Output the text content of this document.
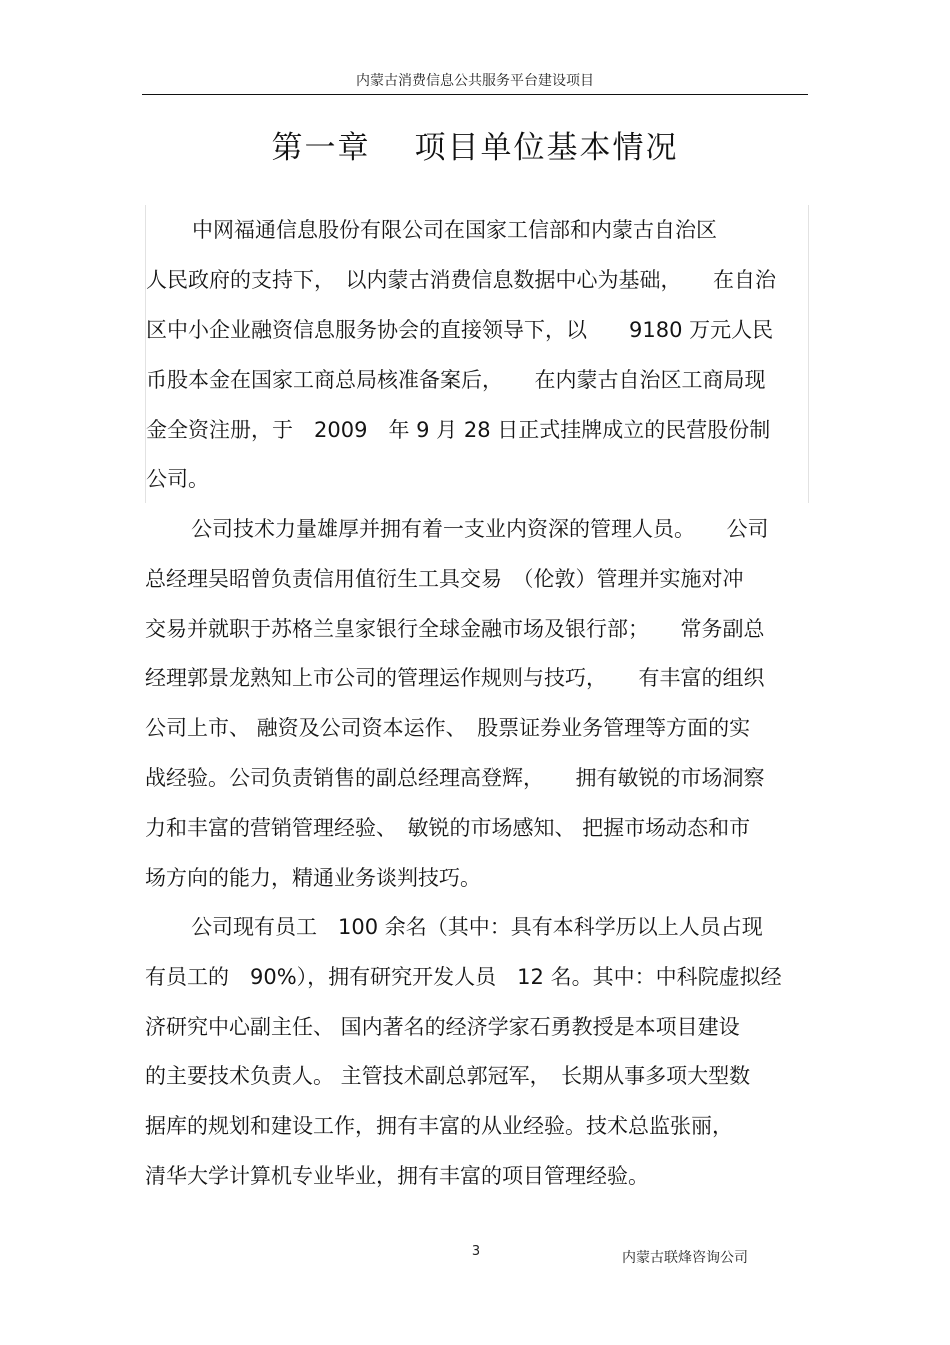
内蒙古消费信息公共服务平台建设项目
第一章 项目单位基本情况
中网福通信息股份有限公司在国家工信部和内蒙古自治区
人民政府的支持下，　以内蒙古消费信息数据中心为基础，　　在自治
区中小企业融资信息服务协会的直接领导下，以　　9180 万元人民
币股本金在国家工商总局核准备案后，　　在内蒙古自治区工商局现
金全资注册，于　2009　年 9 月 28 日正式挂牌成立的民营股份制
公司。
公司技术力量雄厚并拥有着一支业内资深的管理人员。　　公司
总经理吴昭曾负责信用值衍生工具交易　（伦敦）管理并实施对冲
交易并就职于苏格兰皇家银行全球金融市场及银行部；　　常务副总
经理郭景龙熟知上市公司的管理运作规则与技巧，　　有丰富的组织
公司上市、 融资及公司资本运作、　股票证券业务管理等方面的实
战经验。公司负责销售的副总经理高登辉，　　拥有敏锐的市场洞察
力和丰富的营销管理经验、　敏锐的市场感知、 把握市场动态和市
场方向的能力，精通业务谈判技巧。
公司现有员工　100 余名（其中：具有本科学历以上人员占现
有员工的　90%），拥有研究开发人员　12 名。其中：中科院虚拟经
济研究中心副主任、 国内著名的经济学家石勇教授是本项目建设
的主要技术负责人。 主管技术副总郭冠军，　长期从事多项大型数
据库的规划和建设工作，拥有丰富的从业经验。技术总监张丽，
清华大学计算机专业毕业，拥有丰富的项目管理经验。
3	内蒙古联烽咨询公司
